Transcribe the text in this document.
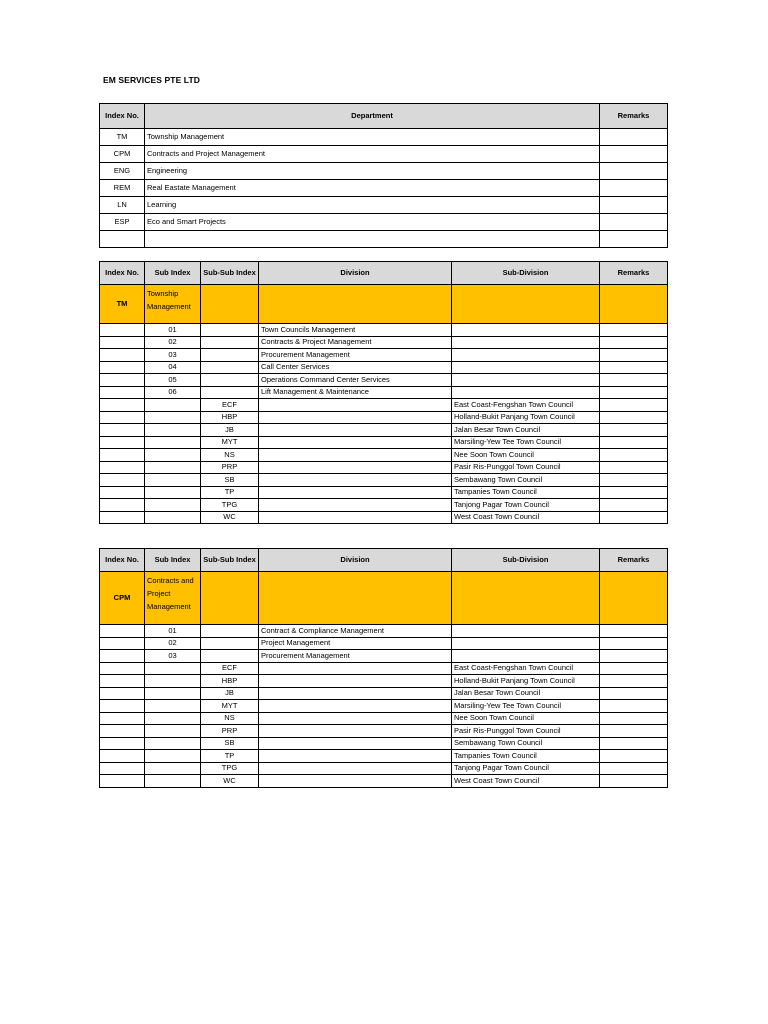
EM SERVICES PTE LTD
Index No.	Department	Remarks
TM	Township Management	
CPM	Contracts and Project Management	
ENG	Engineering	
REM	Real Eastate Management	
LN	Learning	
ESP	Eco and Smart Projects	

Index No.	Sub Index	Sub-Sub Index	Division	Sub-Division	Remarks
TM	Township Management				
	01		Town Councils Management		
	02		Contracts & Project Management		
	03		Procurement Management		
	04		Call Center Services		
	05		Operations Command Center Services		
	06		Lift Management & Maintenance		
		ECF		East Coast-Fengshan Town Council	
		HBP		Holland-Bukit Panjang Town Council	
		JB		Jalan Besar Town Council	
		MYT		Marsiling-Yew Tee Town Council	
		NS		Nee Soon Town Council	
		PRP		Pasir Ris-Punggol Town Council	
		SB		Sembawang Town Council	
		TP		Tampanies Town Council	
		TPG		Tanjong Pagar Town Council	
		WC		West Coast Town Council	
Index No.	Sub Index	Sub-Sub Index	Division	Sub-Division	Remarks
CPM	Contracts and Project Management				
	01		Contract & Compliance Management		
	02		Project Management		
	03		Procurement Management		
		ECF		East Coast-Fengshan Town Council	
		HBP		Holland-Bukit Panjang Town Council	
		JB		Jalan Besar Town Council	
		MYT		Marsiling-Yew Tee Town Council	
		NS		Nee Soon Town Council	
		PRP		Pasir Ris-Punggol Town Council	
		SB		Sembawang Town Council	
		TP		Tampanies Town Council	
		TPG		Tanjong Pagar Town Council	
		WC		West Coast Town Council	
